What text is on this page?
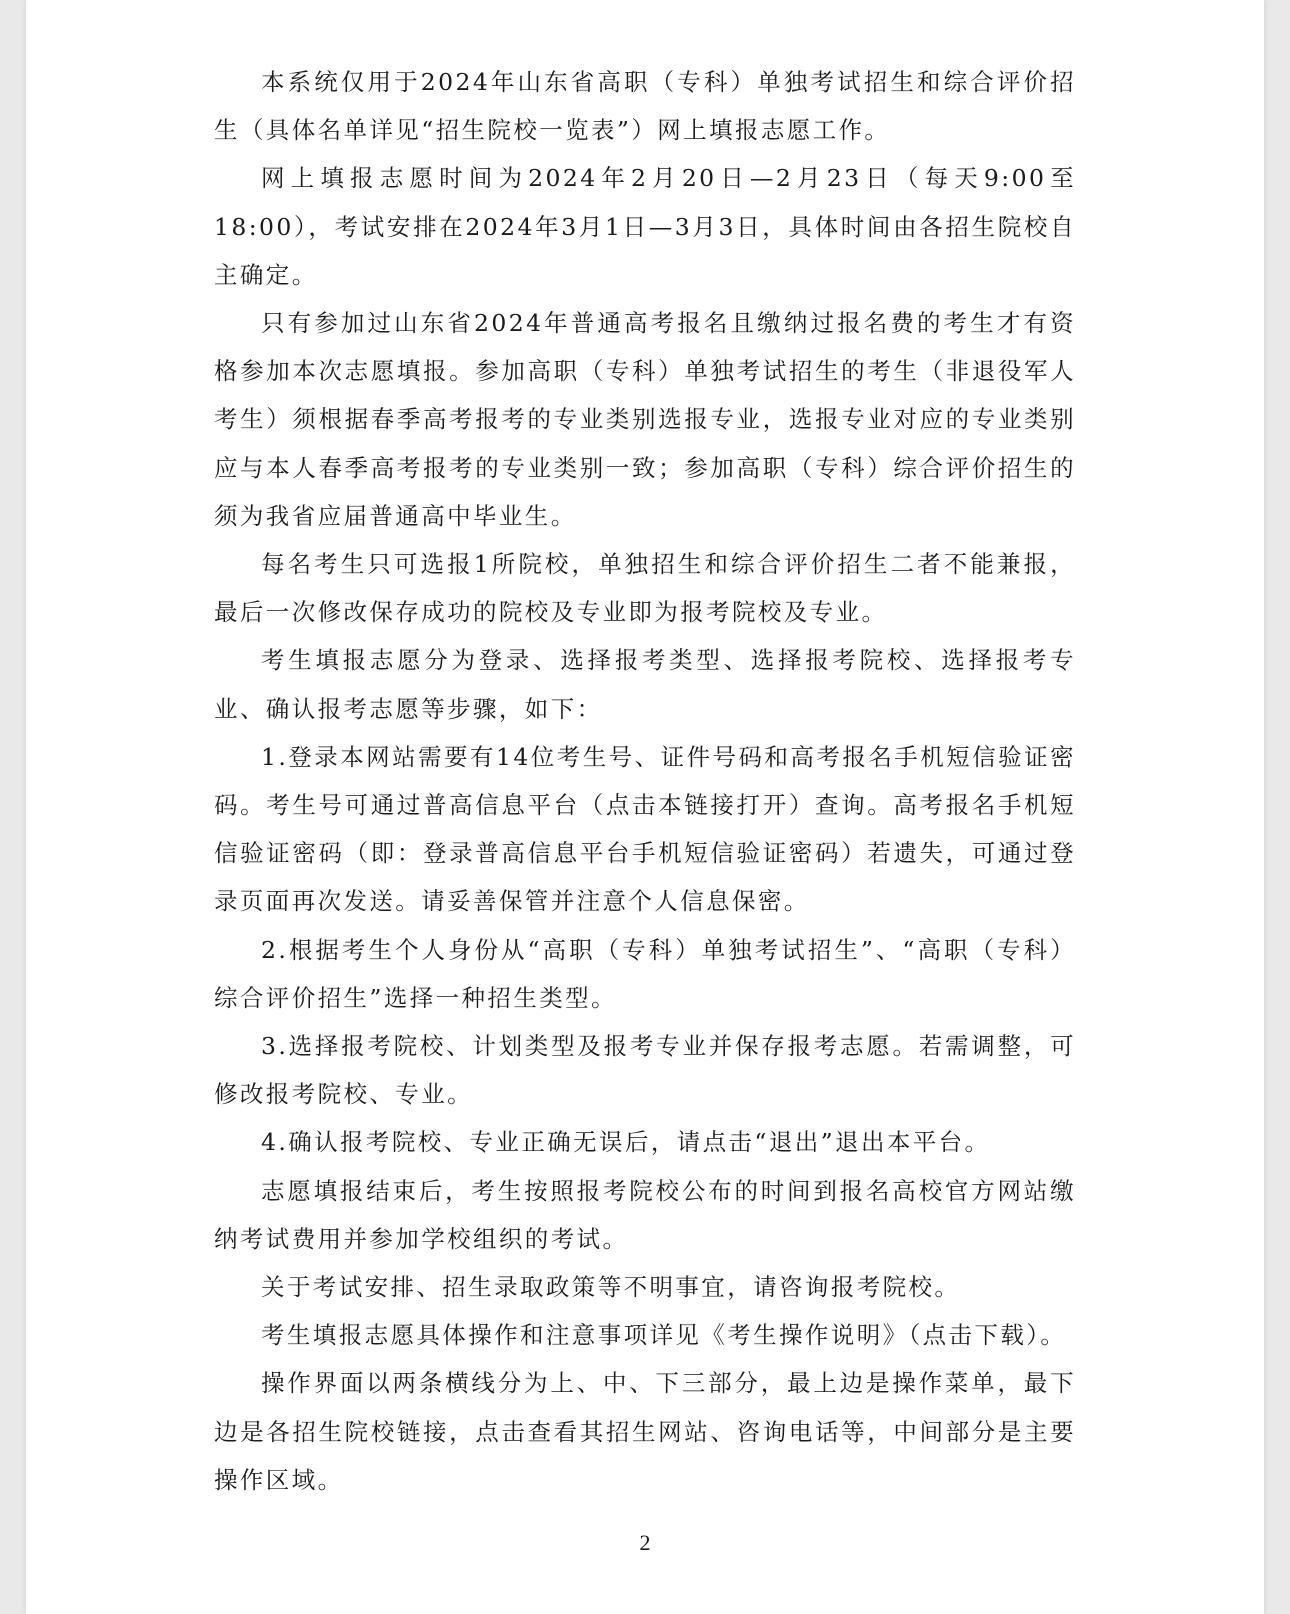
本系统仅用于2024年山东省高职（专科）单独考试招生和综合评价招生（具体名单详见“招生院校一览表”）网上填报志愿工作。

网上填报志愿时间为2024年2月20日—2月23日（每天9:00至18:00），考试安排在2024年3月1日—3月3日，具体时间由各招生院校自主确定。

只有参加过山东省2024年普通高考报名且缴纳过报名费的考生才有资格参加本次志愿填报。参加高职（专科）单独考试招生的考生（非退役军人考生）须根据春季高考报考的专业类别选报专业，选报专业对应的专业类别应与本人春季高考报考的专业类别一致；参加高职（专科）综合评价招生的须为我省应届普通高中毕业生。

每名考生只可选报1所院校，单独招生和综合评价招生二者不能兼报，最后一次修改保存成功的院校及专业即为报考院校及专业。

考生填报志愿分为登录、选择报考类型、选择报考院校、选择报考专业、确认报考志愿等步骤，如下：

1.登录本网站需要有14位考生号、证件号码和高考报名手机短信验证密码。考生号可通过普高信息平台（点击本链接打开）查询。高考报名手机短信验证密码（即：登录普高信息平台手机短信验证密码）若遗失，可通过登录页面再次发送。请妥善保管并注意个人信息保密。

2.根据考生个人身份从“高职（专科）单独考试招生”、“高职（专科）综合评价招生”选择一种招生类型。

3.选择报考院校、计划类型及报考专业并保存报考志愿。若需调整，可修改报考院校、专业。

4.确认报考院校、专业正确无误后，请点击“退出”退出本平台。

志愿填报结束后，考生按照报考院校公布的时间到报名高校官方网站缴纳考试费用并参加学校组织的考试。

关于考试安排、招生录取政策等不明事宜，请咨询报考院校。

考生填报志愿具体操作和注意事项详见《考生操作说明》（点击下载）。

操作界面以两条横线分为上、中、下三部分，最上边是操作菜单，最下边是各招生院校链接，点击查看其招生网站、咨询电话等，中间部分是主要操作区域。

2
